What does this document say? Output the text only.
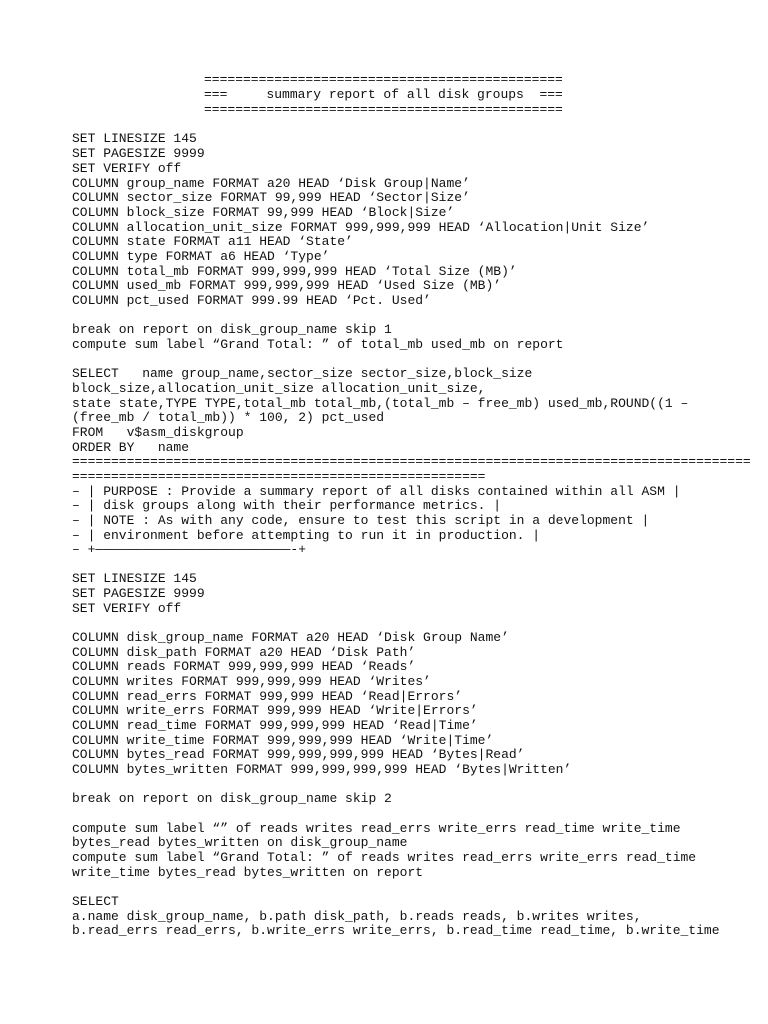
==============================================
===     summary report of all disk groups  ===
==============================================
SET LINESIZE 145
SET PAGESIZE 9999
SET VERIFY off
COLUMN group_name FORMAT a20 HEAD ‘Disk Group|Name’
COLUMN sector_size FORMAT 99,999 HEAD ‘Sector|Size’
COLUMN block_size FORMAT 99,999 HEAD ‘Block|Size’
COLUMN allocation_unit_size FORMAT 999,999,999 HEAD ‘Allocation|Unit Size’
COLUMN state FORMAT a11 HEAD ‘State’
COLUMN type FORMAT a6 HEAD ‘Type’
COLUMN total_mb FORMAT 999,999,999 HEAD ‘Total Size (MB)’
COLUMN used_mb FORMAT 999,999,999 HEAD ‘Used Size (MB)’
COLUMN pct_used FORMAT 999.99 HEAD ‘Pct. Used’
break on report on disk_group_name skip 1
compute sum label “Grand Total: ” of total_mb used_mb on report
SELECT   name group_name,sector_size sector_size,block_size
block_size,allocation_unit_size allocation_unit_size,
state state,TYPE TYPE,total_mb total_mb,(total_mb – free_mb) used_mb,ROUND((1 –
(free_mb / total_mb)) * 100, 2) pct_used
FROM   v$asm_diskgroup
ORDER BY   name
=======================================================================================
=====================================================
– | PURPOSE : Provide a summary report of all disks contained within all ASM |
– | disk groups along with their performance metrics. |
– | NOTE : As with any code, ensure to test this script in a development |
– | environment before attempting to run it in production. |
– +—————————————————————————-+
SET LINESIZE 145
SET PAGESIZE 9999
SET VERIFY off
COLUMN disk_group_name FORMAT a20 HEAD ‘Disk Group Name’
COLUMN disk_path FORMAT a20 HEAD ‘Disk Path’
COLUMN reads FORMAT 999,999,999 HEAD ‘Reads’
COLUMN writes FORMAT 999,999,999 HEAD ‘Writes’
COLUMN read_errs FORMAT 999,999 HEAD ‘Read|Errors’
COLUMN write_errs FORMAT 999,999 HEAD ‘Write|Errors’
COLUMN read_time FORMAT 999,999,999 HEAD ‘Read|Time’
COLUMN write_time FORMAT 999,999,999 HEAD ‘Write|Time’
COLUMN bytes_read FORMAT 999,999,999,999 HEAD ‘Bytes|Read’
COLUMN bytes_written FORMAT 999,999,999,999 HEAD ‘Bytes|Written’
break on report on disk_group_name skip 2
compute sum label “” of reads writes read_errs write_errs read_time write_time
bytes_read bytes_written on disk_group_name
compute sum label “Grand Total: ” of reads writes read_errs write_errs read_time
write_time bytes_read bytes_written on report
SELECT
a.name disk_group_name, b.path disk_path, b.reads reads, b.writes writes,
b.read_errs read_errs, b.write_errs write_errs, b.read_time read_time, b.write_time
